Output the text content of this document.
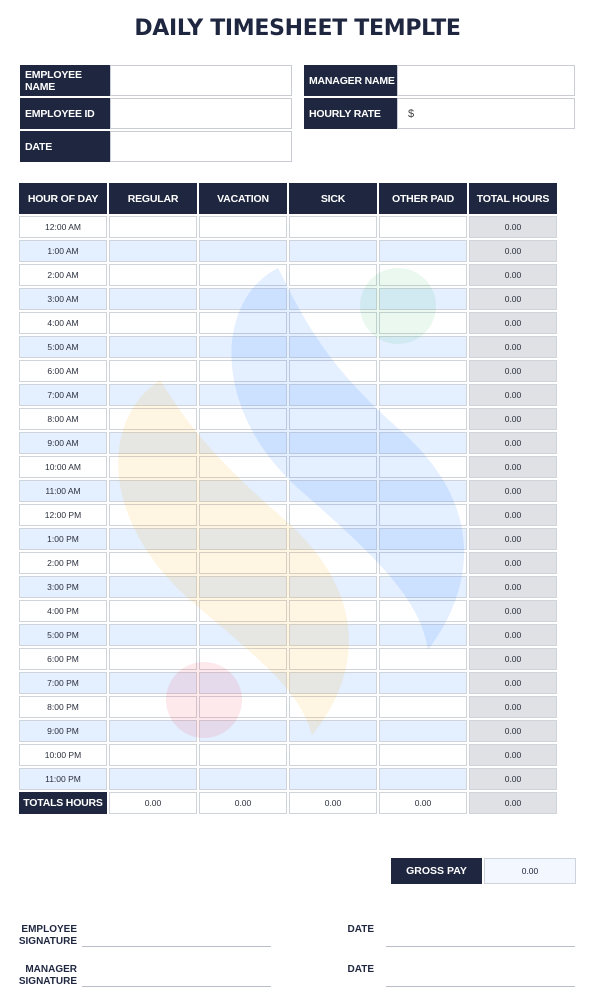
DAILY TIMESHEET TEMPLTE
EMPLOYEE NAME
EMPLOYEE ID
DATE
MANAGER NAME
HOURLY RATE	$
HOUR OF DAY	REGULAR	VACATION	SICK	OTHER PAID	TOTAL HOURS
12:00 AM					0.00
1:00 AM					0.00
2:00 AM					0.00
3:00 AM					0.00
4:00 AM					0.00
5:00 AM					0.00
6:00 AM					0.00
7:00 AM					0.00
8:00 AM					0.00
9:00 AM					0.00
10:00 AM					0.00
11:00 AM					0.00
12:00 PM					0.00
1:00 PM					0.00
2:00 PM					0.00
3:00 PM					0.00
4:00 PM					0.00
5:00 PM					0.00
6:00 PM					0.00
7:00 PM					0.00
8:00 PM					0.00
9:00 PM					0.00
10:00 PM					0.00
11:00 PM					0.00
TOTALS HOURS	0.00	0.00	0.00	0.00	0.00
GROSS PAY	0.00
EMPLOYEE SIGNATURE
DATE
MANAGER SIGNATURE
DATE
